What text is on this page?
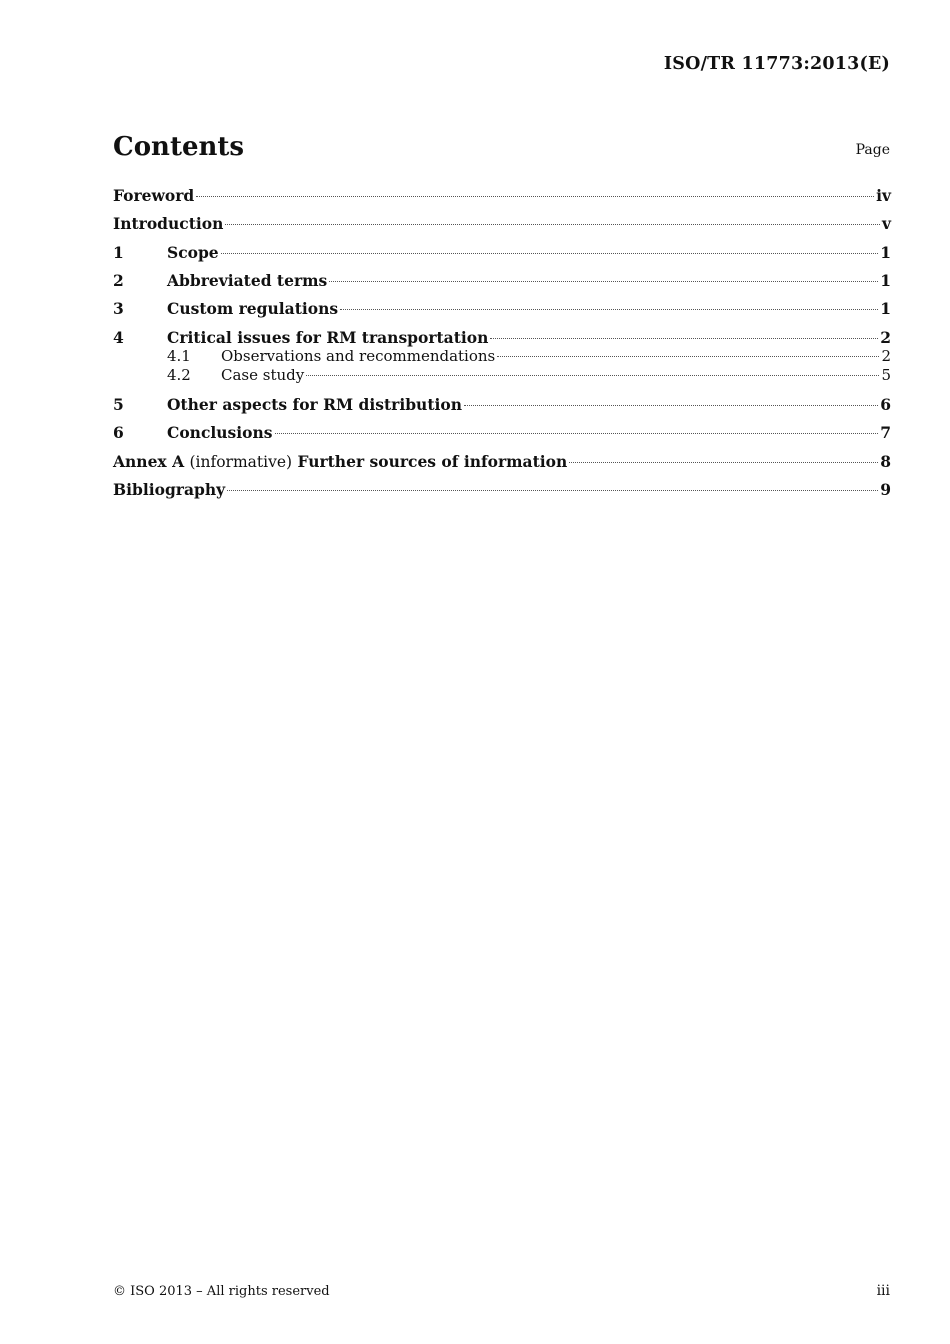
ISO/TR 11773:2013(E)
Contents	Page
Foreword	iv
Introduction	v
1	Scope	1
2	Abbreviated terms	1
3	Custom regulations	1
4	Critical issues for RM transportation	2
4.1	Observations and recommendations	2
4.2	Case study	5
5	Other aspects for RM distribution	6
6	Conclusions	7
Annex A (informative) Further sources of information	8
Bibliography	9
© ISO 2013 – All rights reserved	iii
